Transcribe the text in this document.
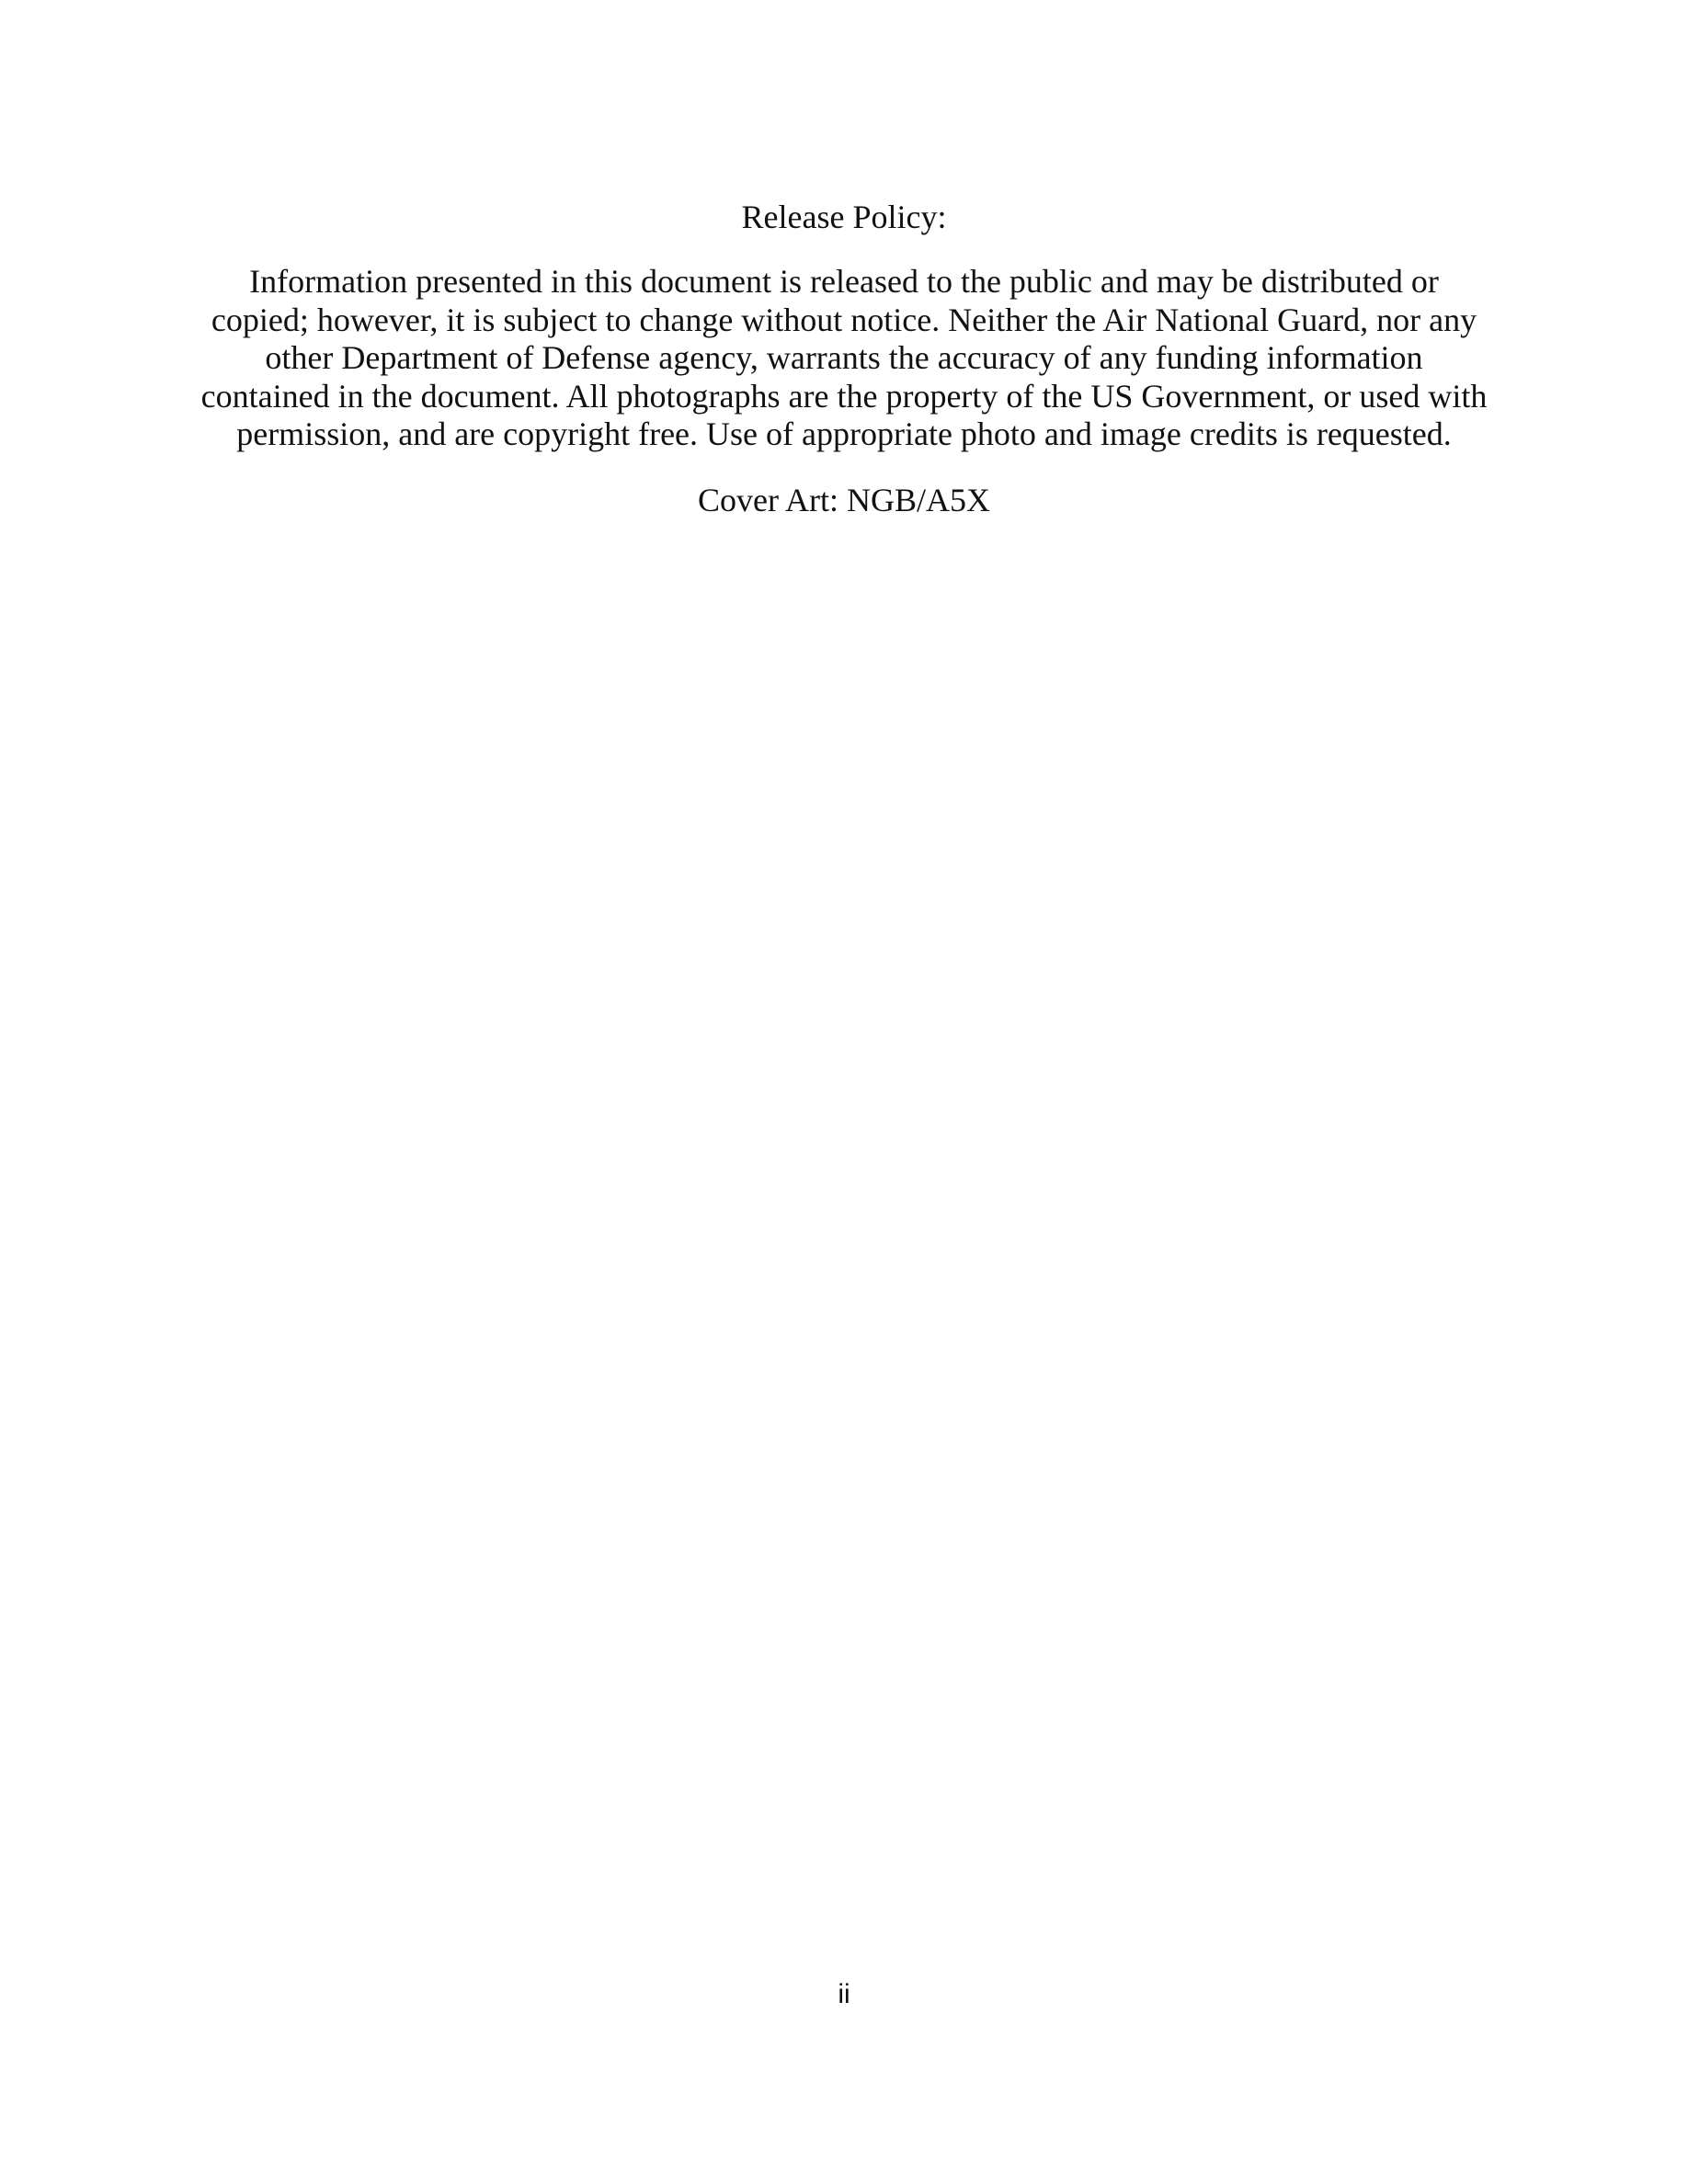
Release Policy:
Information presented in this document is released to the public and may be distributed or
copied; however, it is subject to change without notice. Neither the Air National Guard, nor any
other Department of Defense agency, warrants the accuracy of any funding information
contained in the document. All photographs are the property of the US Government, or used with
permission, and are copyright free. Use of appropriate photo and image credits is requested.
Cover Art: NGB/A5X
ii
